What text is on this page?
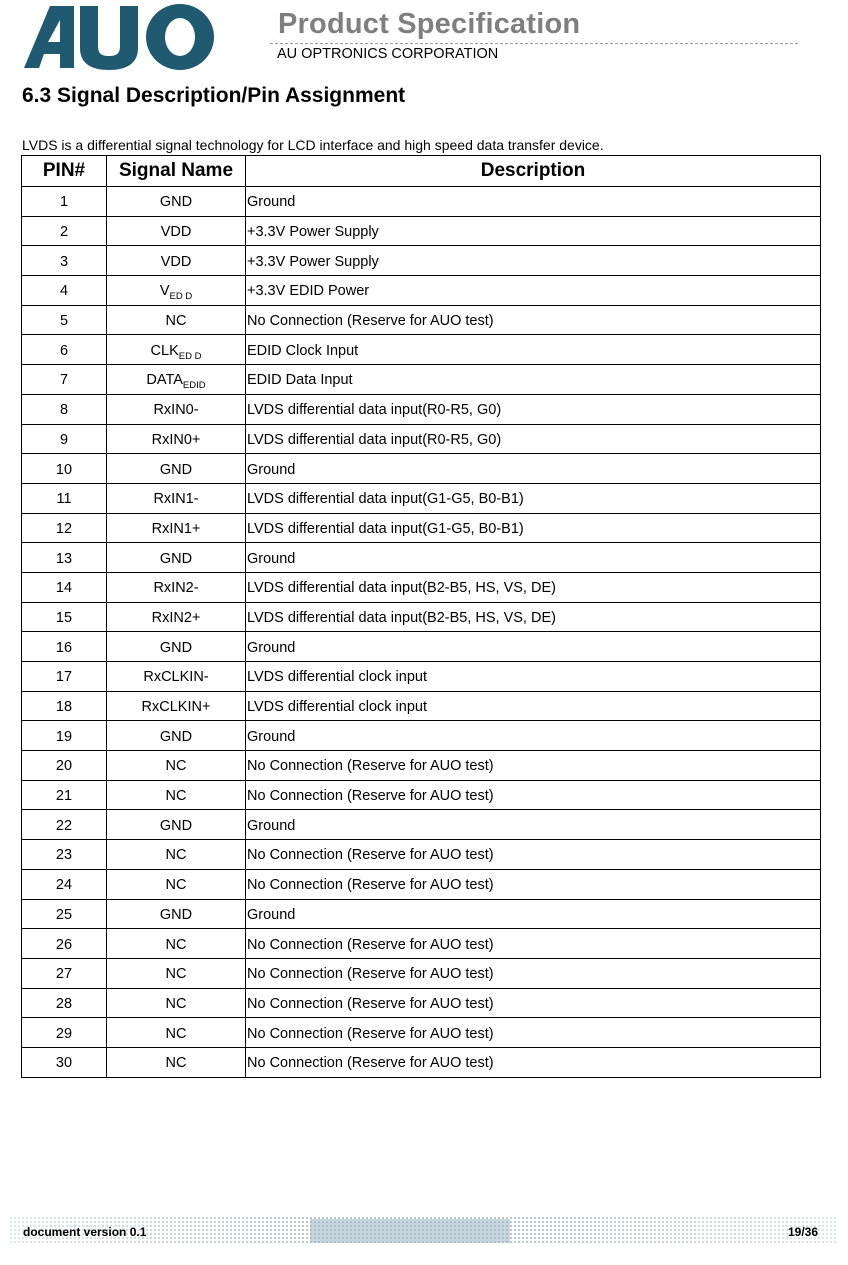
Product Specification
AU OPTRONICS CORPORATION
6.3 Signal Description/Pin Assignment
LVDS is a differential signal technology for LCD interface and high speed data transfer device.
PIN#	Signal Name	Description
1	GND	Ground
2	VDD	+3.3V Power Supply
3	VDD	+3.3V Power Supply
4	$V_{ED D}$	+3.3V EDID Power
5	NC	No Connection (Reserve for AUO test)
6	$CLK_{ED D}$	EDID Clock Input
7	$DATA_{EDID}$	EDID Data Input
8	RxIN0-	LVDS differential data input(R0-R5, G0)
9	RxIN0+	LVDS differential data input(R0-R5, G0)
10	GND	Ground
11	RxIN1-	LVDS differential data input(G1-G5, B0-B1)
12	RxIN1+	LVDS differential data input(G1-G5, B0-B1)
13	GND	Ground
14	RxIN2-	LVDS differential data input(B2-B5, HS, VS, DE)
15	RxIN2+	LVDS differential data input(B2-B5, HS, VS, DE)
16	GND	Ground
17	RxCLKIN-	LVDS differential clock input
18	RxCLKIN+	LVDS differential clock input
19	GND	Ground
20	NC	No Connection (Reserve for AUO test)
21	NC	No Connection (Reserve for AUO test)
22	GND	Ground
23	NC	No Connection (Reserve for AUO test)
24	NC	No Connection (Reserve for AUO test)
25	GND	Ground
26	NC	No Connection (Reserve for AUO test)
27	NC	No Connection (Reserve for AUO test)
28	NC	No Connection (Reserve for AUO test)
29	NC	No Connection (Reserve for AUO test)
30	NC	No Connection (Reserve for AUO test)
document version 0.1	19/36
